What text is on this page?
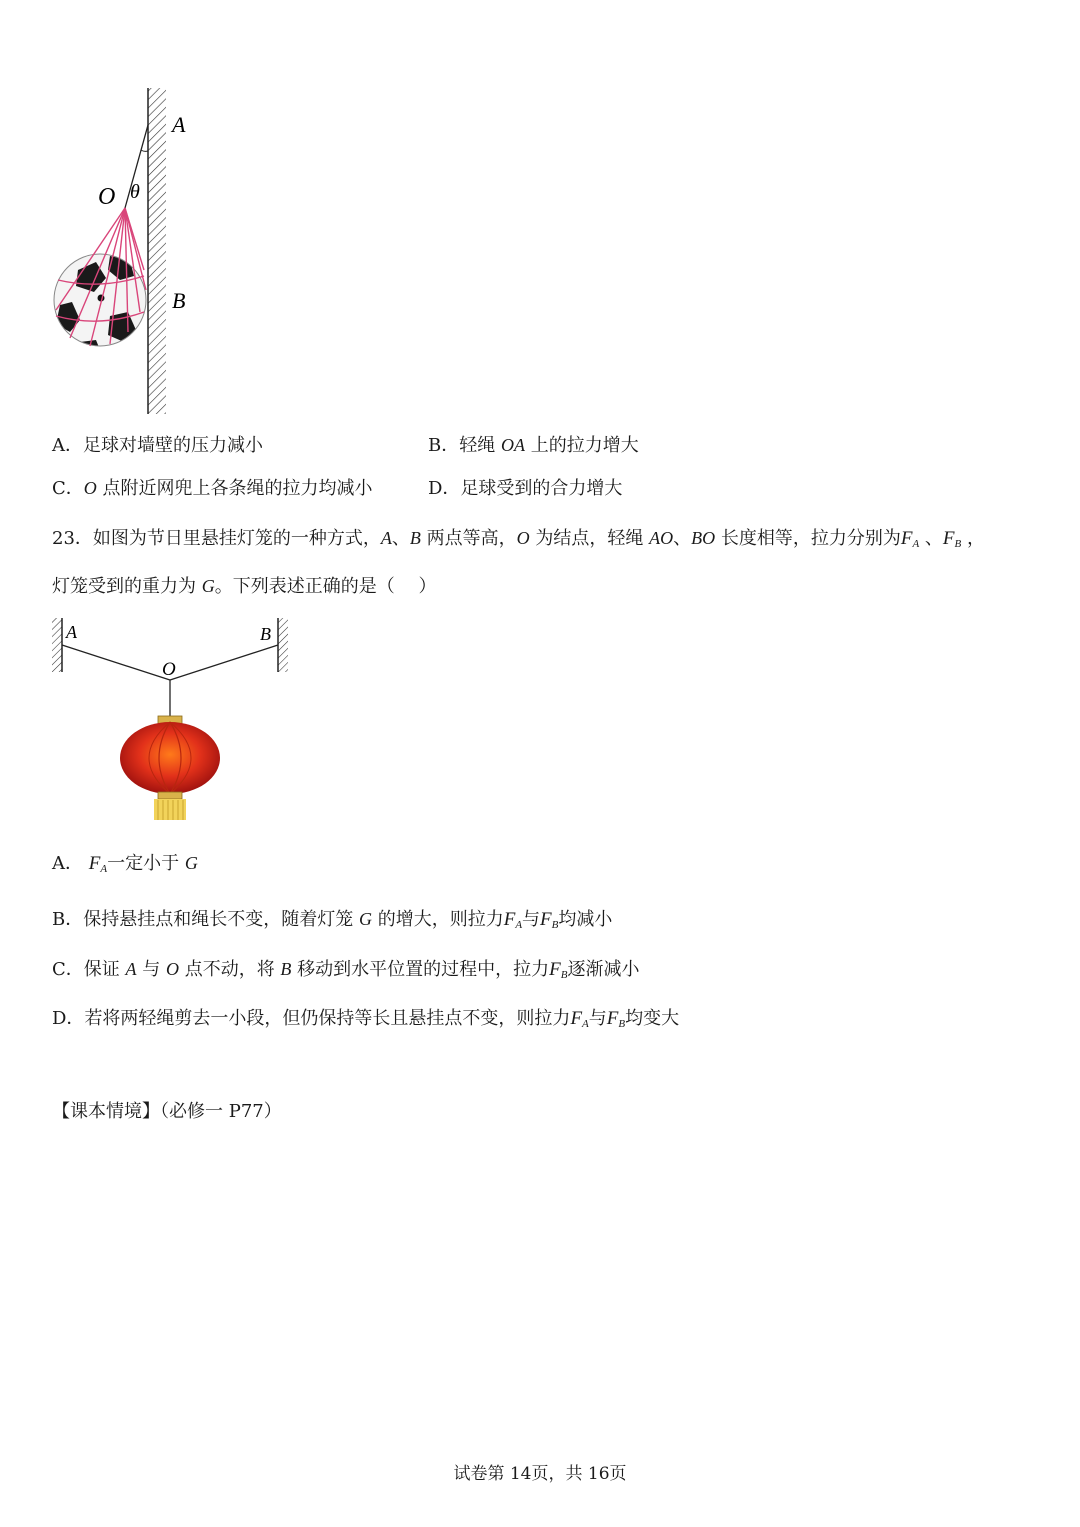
A
O θ
B
A．足球对墙壁的压力减小	B．轻绳 OA 上的拉力增大
C．O 点附近网兜上各条绳的拉力均减小	D．足球受到的合力增大
23．如图为节日里悬挂灯笼的一种方式，A、B 两点等高，O 为结点，轻绳 AO、BO 长度相等，拉力分别为$F_A$ 、$F_B$ ，
灯笼受到的重力为 G。下列表述正确的是（　 ）
A	B
O
A． $F_A$一定小于 G
B．保持悬挂点和绳长不变，随着灯笼 G 的增大，则拉力$F_A$与$F_B$均减小
C．保证 A 与 O 点不动，将 B 移动到水平位置的过程中，拉力$F_B$逐渐减小
D．若将两轻绳剪去一小段，但仍保持等长且悬挂点不变，则拉力$F_A$与$F_B$均变大
【课本情境】（必修一 P77）
试卷第 14页，共 16页
